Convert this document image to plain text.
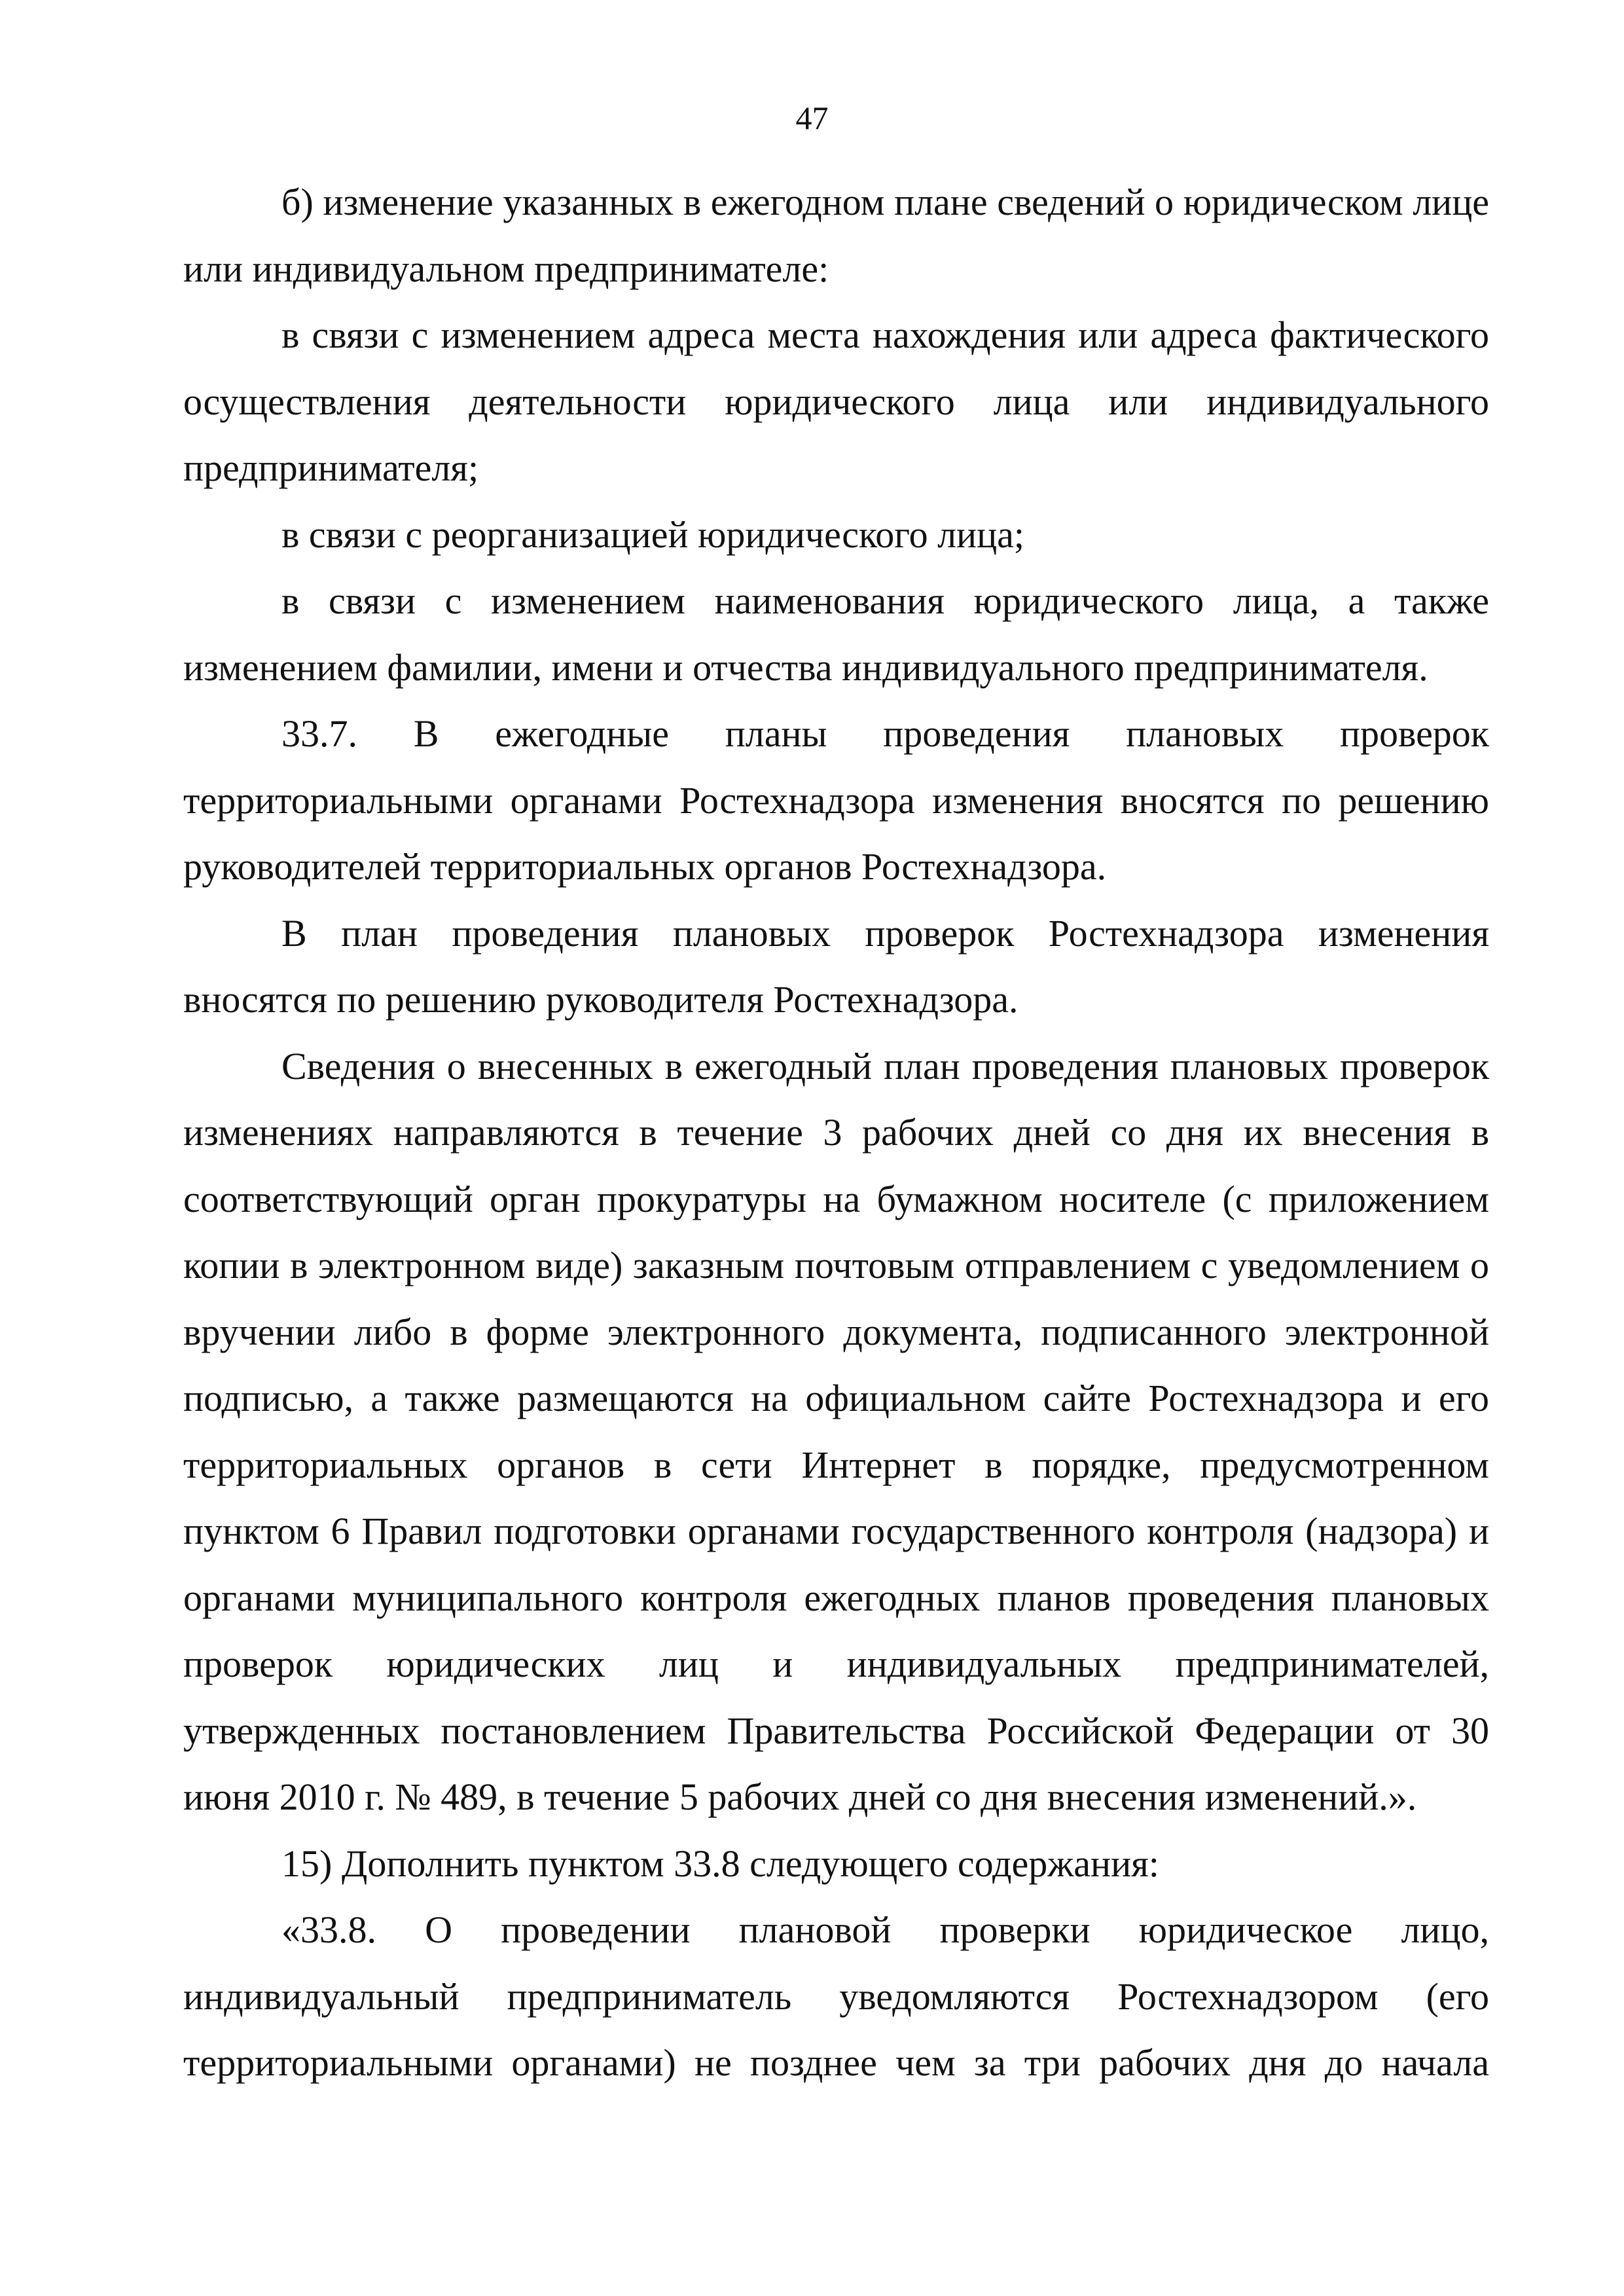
47

б) изменение указанных в ежегодном плане сведений о юридическом лице или индивидуальном предпринимателе:

в связи с изменением адреса места нахождения или адреса фактического осуществления деятельности юридического лица или индивидуального предпринимателя;

в связи с реорганизацией юридического лица;

в связи с изменением наименования юридического лица, а также изменением фамилии, имени и отчества индивидуального предпринимателя.

33.7. В ежегодные планы проведения плановых проверок территориальными органами Ростехнадзора изменения вносятся по решению руководителей территориальных органов Ростехнадзора.

В план проведения плановых проверок Ростехнадзора изменения вносятся по решению руководителя Ростехнадзора.

Сведения о внесенных в ежегодный план проведения плановых проверок изменениях направляются в течение 3 рабочих дней со дня их внесения в соответствующий орган прокуратуры на бумажном носителе (с приложением копии в электронном виде) заказным почтовым отправлением с уведомлением о вручении либо в форме электронного документа, подписанного электронной подписью, а также размещаются на официальном сайте Ростехнадзора и его территориальных органов в сети Интернет в порядке, предусмотренном пунктом 6 Правил подготовки органами государственного контроля (надзора) и органами муниципального контроля ежегодных планов проведения плановых проверок юридических лиц и индивидуальных предпринимателей, утвержденных постановлением Правительства Российской Федерации от 30 июня 2010 г. № 489, в течение 5 рабочих дней со дня внесения изменений.».

15) Дополнить пунктом 33.8 следующего содержания:

«33.8. О проведении плановой проверки юридическое лицо, индивидуальный предприниматель уведомляются Ростехнадзором (его территориальными органами) не позднее чем за три рабочих дня до начала
